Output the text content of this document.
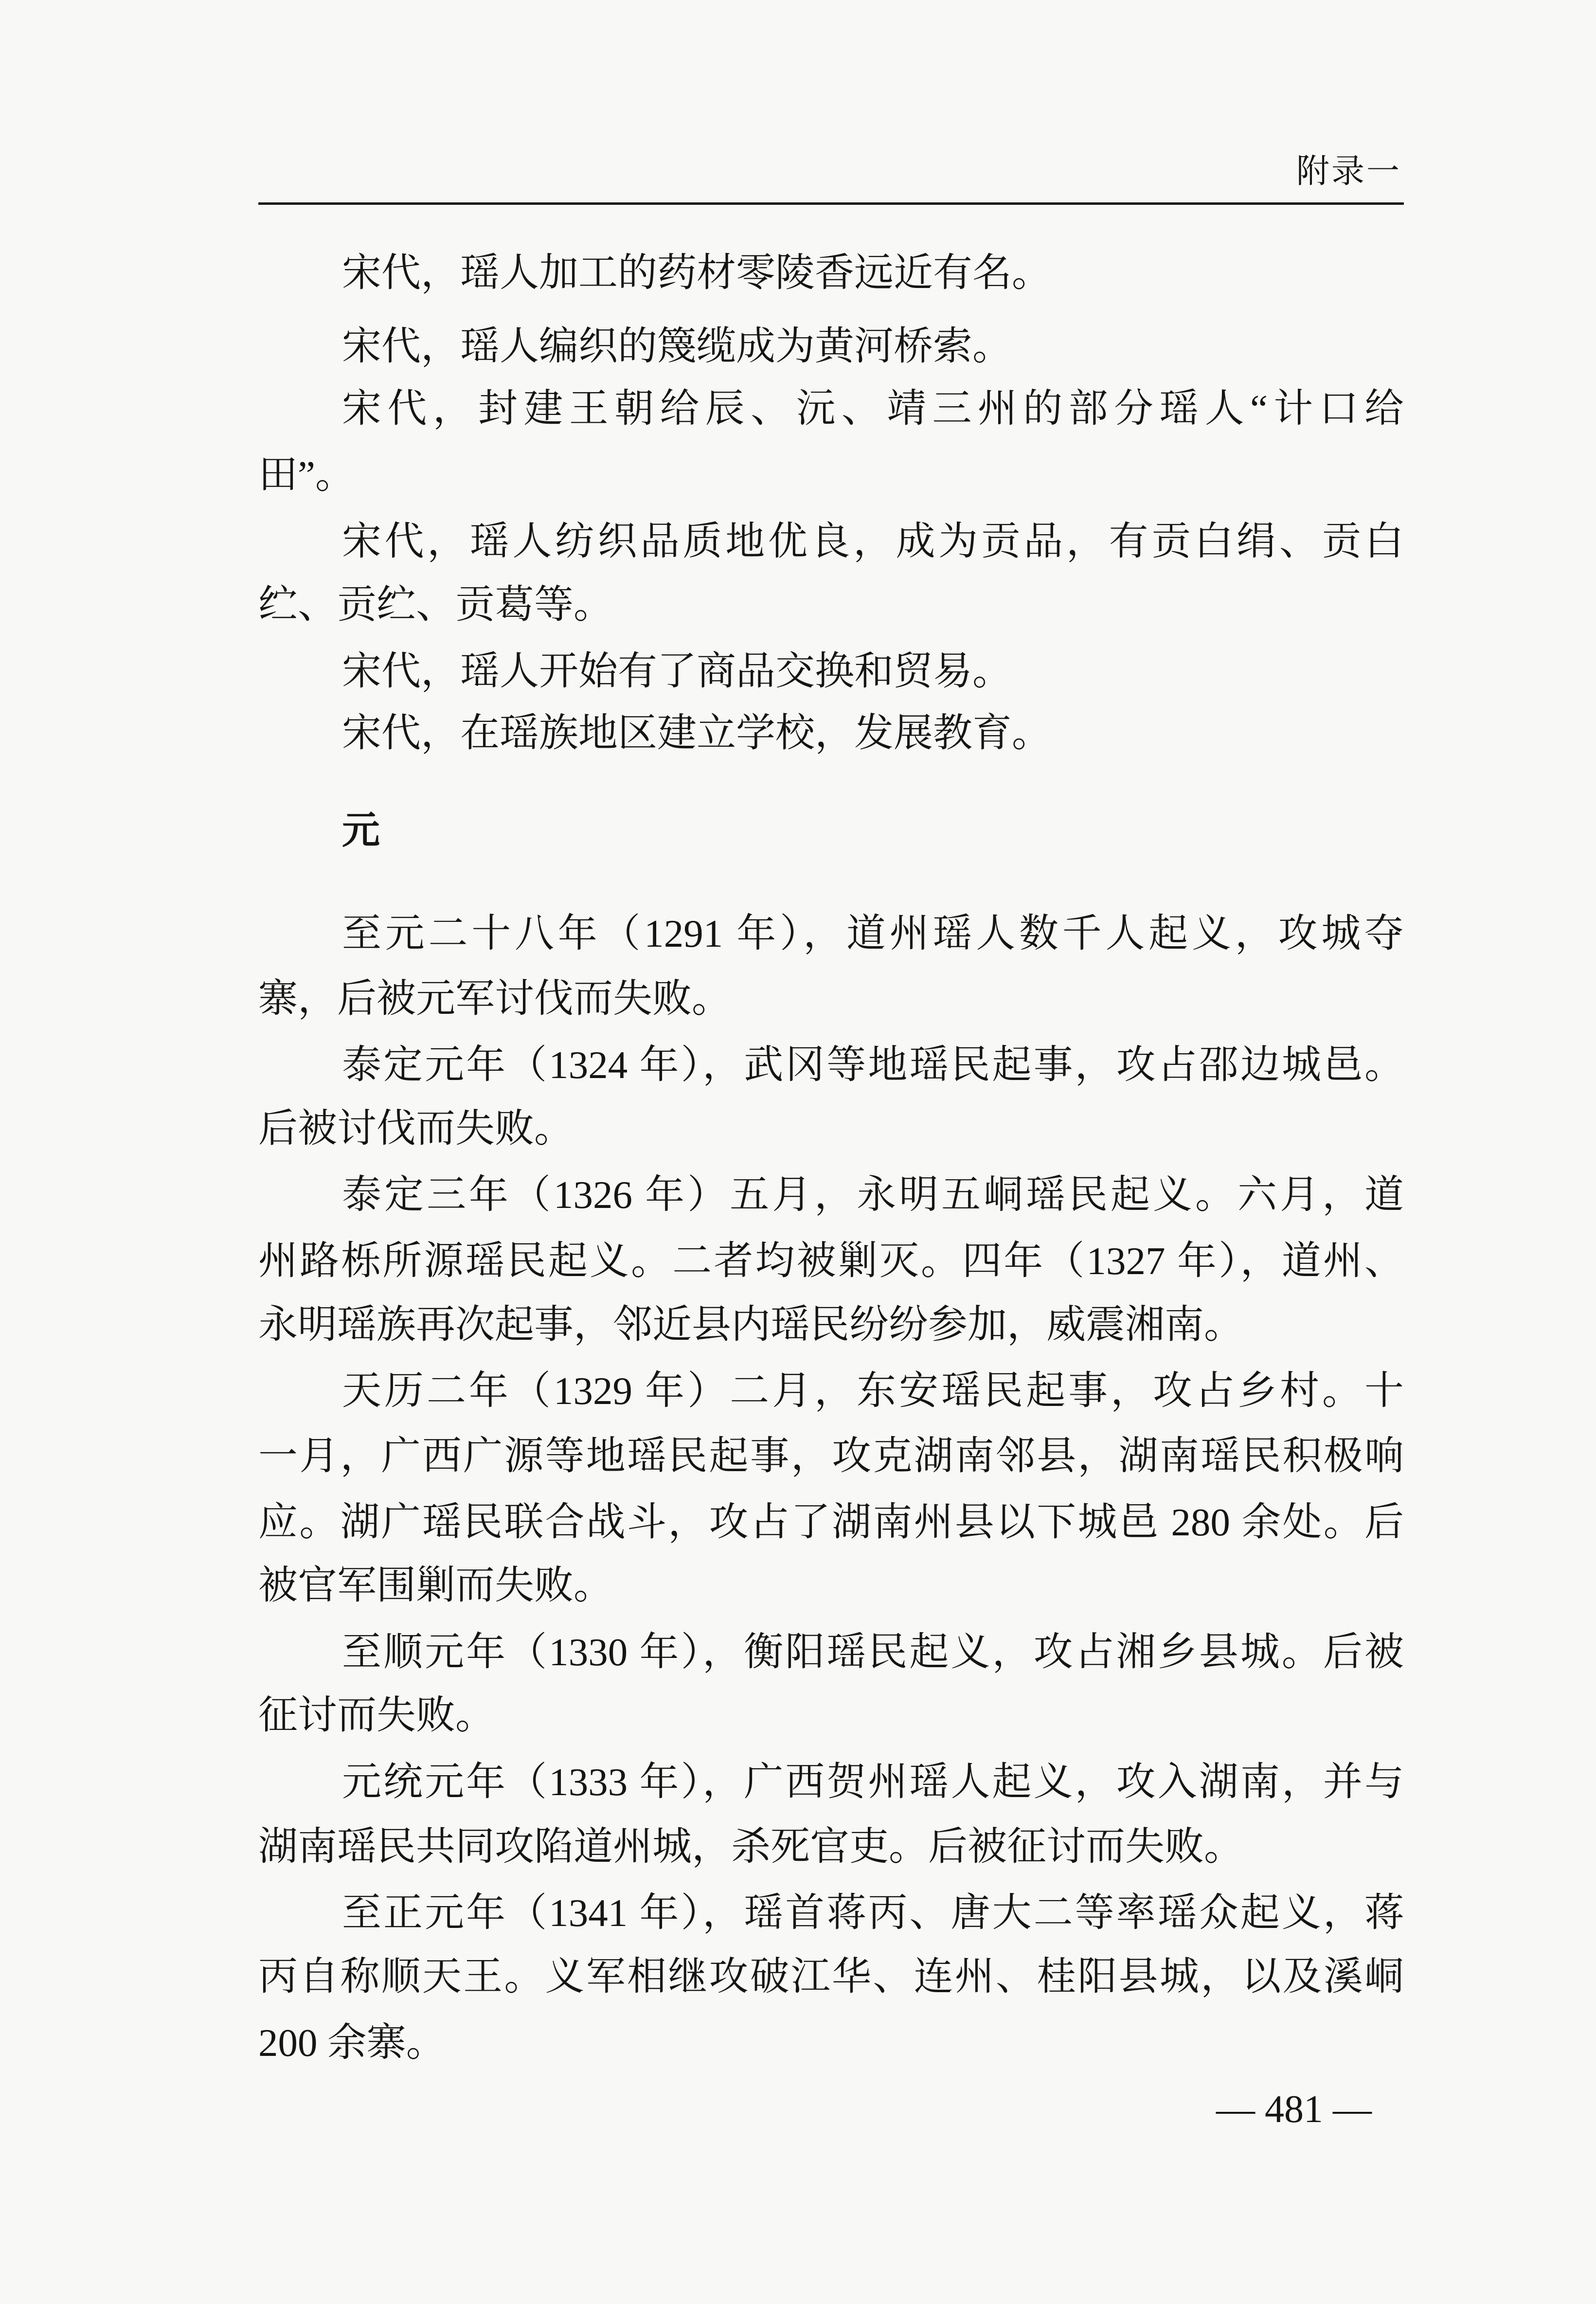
附录一
宋代，瑶人加工的药材零陵香远近有名。
宋代，瑶人编织的篾缆成为黄河桥索。
宋代，封建王朝给辰、沅、靖三州的部分瑶人“计口给
田”。
宋代，瑶人纺织品质地优良，成为贡品，有贡白绢、贡白
纻、贡纻、贡葛等。
宋代，瑶人开始有了商品交换和贸易。
宋代，在瑶族地区建立学校，发展教育。
元
至元二十八年（1291 年），道州瑶人数千人起义，攻城夺
寨，后被元军讨伐而失败。
泰定元年（1324 年），武冈等地瑶民起事，攻占邵边城邑。
后被讨伐而失败。
泰定三年（1326 年）五月，永明五峒瑶民起义。六月，道
州路栎所源瑶民起义。二者均被剿灭。四年（1327 年），道州、
永明瑶族再次起事，邻近县内瑶民纷纷参加，威震湘南。
天历二年（1329 年）二月，东安瑶民起事，攻占乡村。十
一月，广西广源等地瑶民起事，攻克湖南邻县，湖南瑶民积极响
应。湖广瑶民联合战斗，攻占了湖南州县以下城邑 280 余处。后
被官军围剿而失败。
至顺元年（1330 年），衡阳瑶民起义，攻占湘乡县城。后被
征讨而失败。
元统元年（1333 年），广西贺州瑶人起义，攻入湖南，并与
湖南瑶民共同攻陷道州城，杀死官吏。后被征讨而失败。
至正元年（1341 年），瑶首蒋丙、唐大二等率瑶众起义，蒋
丙自称顺天王。义军相继攻破江华、连州、桂阳县城，以及溪峒
200 余寨。
— 481 —
